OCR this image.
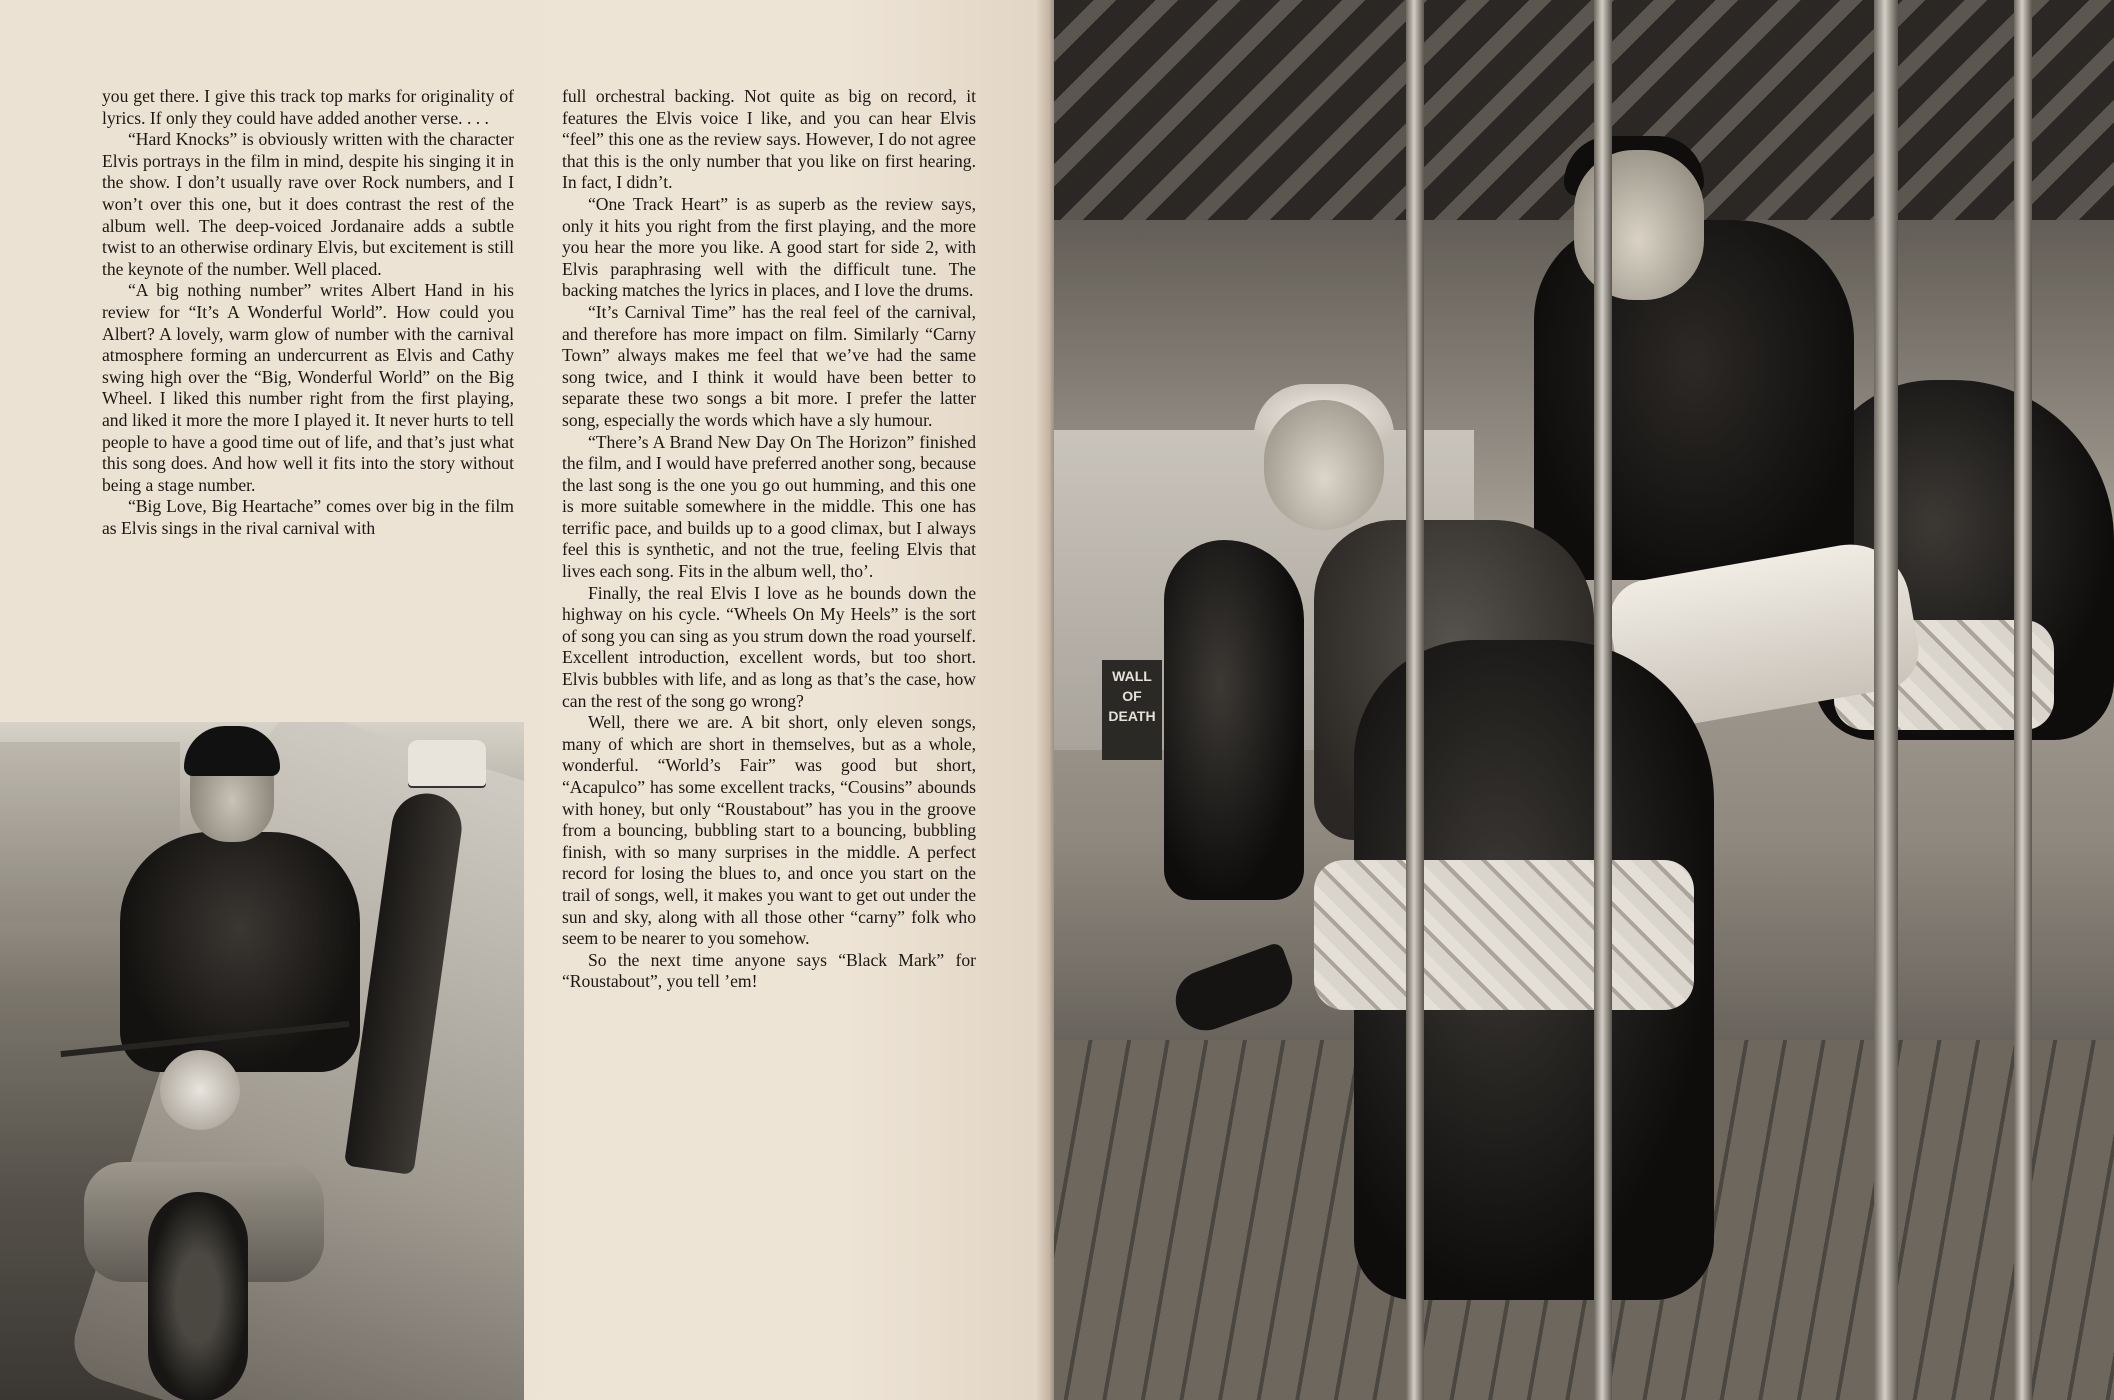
you get there. I give this track top marks for originality of lyrics. If only they could have added another verse. . . .

“Hard Knocks” is obviously written with the character Elvis portrays in the film in mind, despite his singing it in the show. I don’t usually rave over Rock numbers, and I won’t over this one, but it does contrast the rest of the album well. The deep-voiced Jordanaire adds a subtle twist to an otherwise ordinary Elvis, but excitement is still the keynote of the number. Well placed.

“A big nothing number” writes Albert Hand in his review for “It’s A Wonderful World”. How could you Albert? A lovely, warm glow of number with the carnival atmosphere forming an undercurrent as Elvis and Cathy swing high over the “Big, Wonderful World” on the Big Wheel. I liked this number right from the first playing, and liked it more the more I played it. It never hurts to tell people to have a good time out of life, and that’s just what this song does. And how well it fits into the story without being a stage number.

“Big Love, Big Heartache” comes over big in the film as Elvis sings in the rival carnival with

full orchestral backing. Not quite as big on record, it features the Elvis voice I like, and you can hear Elvis “feel” this one as the review says. However, I do not agree that this is the only number that you like on first hearing. In fact, I didn’t.

“One Track Heart” is as superb as the review says, only it hits you right from the first playing, and the more you hear the more you like. A good start for side 2, with Elvis paraphrasing well with the difficult tune. The backing matches the lyrics in places, and I love the drums.

“It’s Carnival Time” has the real feel of the carnival, and therefore has more impact on film. Similarly “Carny Town” always makes me feel that we’ve had the same song twice, and I think it would have been better to separate these two songs a bit more. I prefer the latter song, especially the words which have a sly humour.

“There’s A Brand New Day On The Horizon” finished the film, and I would have preferred another song, because the last song is the one you go out humming, and this one is more suitable somewhere in the middle. This one has terrific pace, and builds up to a good climax, but I always feel this is synthetic, and not the true, feeling Elvis that lives each song. Fits in the album well, tho’.

Finally, the real Elvis I love as he bounds down the highway on his cycle. “Wheels On My Heels” is the sort of song you can sing as you strum down the road yourself. Excellent introduction, excellent words, but too short. Elvis bubbles with life, and as long as that’s the case, how can the rest of the song go wrong?

Well, there we are. A bit short, only eleven songs, many of which are short in themselves, but as a whole, wonderful. “World’s Fair” was good but short, “Acapulco” has some excellent tracks, “Cousins” abounds with honey, but only “Roustabout” has you in the groove from a bouncing, bubbling start to a bouncing, bubbling finish, with so many surprises in the middle. A perfect record for losing the blues to, and once you start on the trail of songs, well, it makes you want to get out under the sun and sky, along with all those other “carny” folk who seem to be nearer to you somehow.

So the next time anyone says “Black Mark” for “Roustabout”, you tell ’em!

WALL OF DEATH
